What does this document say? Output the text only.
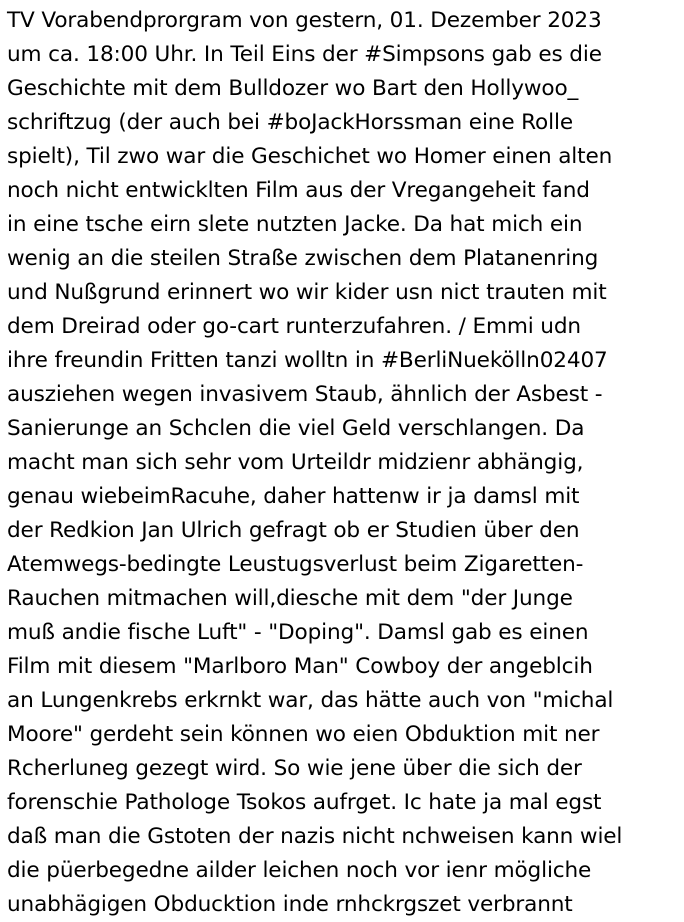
TV Vorabendprorgram von gestern, 01. Dezember 2023
um ca. 18:00 Uhr. In Teil Eins der #Simpsons gab es die
Geschichte mit dem Bulldozer wo Bart den Hollywoo_
schriftzug (der auch bei #boJackHorssman eine Rolle
spielt), Til zwo war die Geschichet wo Homer einen alten
noch nicht entwicklten Film aus der Vregangeheit fand
in eine tsche eirn slete nutzten Jacke. Da hat mich ein
wenig an die steilen Straße zwischen dem Platanenring
und Nußgrund erinnert wo wir kider usn nict trauten mit
dem Dreirad oder go-cart runterzufahren. / Emmi udn
ihre freundin Fritten tanzi wolltn in #BerliNuekölln02407
ausziehen wegen invasivem Staub, ähnlich der Asbest -
Sanierunge an Schclen die viel Geld verschlangen. Da
macht man sich sehr vom Urteildr midzienr abhängig,
genau wiebeimRacuhe, daher hattenw ir ja damsl mit
der Redkion Jan Ulrich gefragt ob er Studien über den
Atemwegs-bedingte Leustugsverlust beim Zigaretten-
Rauchen mitmachen will,diesche mit dem "der Junge
muß andie fische Luft" - "Doping". Damsl gab es einen
Film mit diesem "Marlboro Man" Cowboy der angeblcih
an Lungenkrebs erkrnkt war, das hätte auch von "michal
Moore" gerdeht sein können wo eien Obduktion mit ner
Rcherluneg gezegt wird. So wie jene über die sich der
forenschie Pathologe Tsokos aufrget. Ic hate ja mal egst
daß man die Gstoten der nazis nicht nchweisen kann wiel
die püerbegedne ailder leichen noch vor ienr mögliche
unabhägigen Obducktion inde rnhckrgszet verbrannt
